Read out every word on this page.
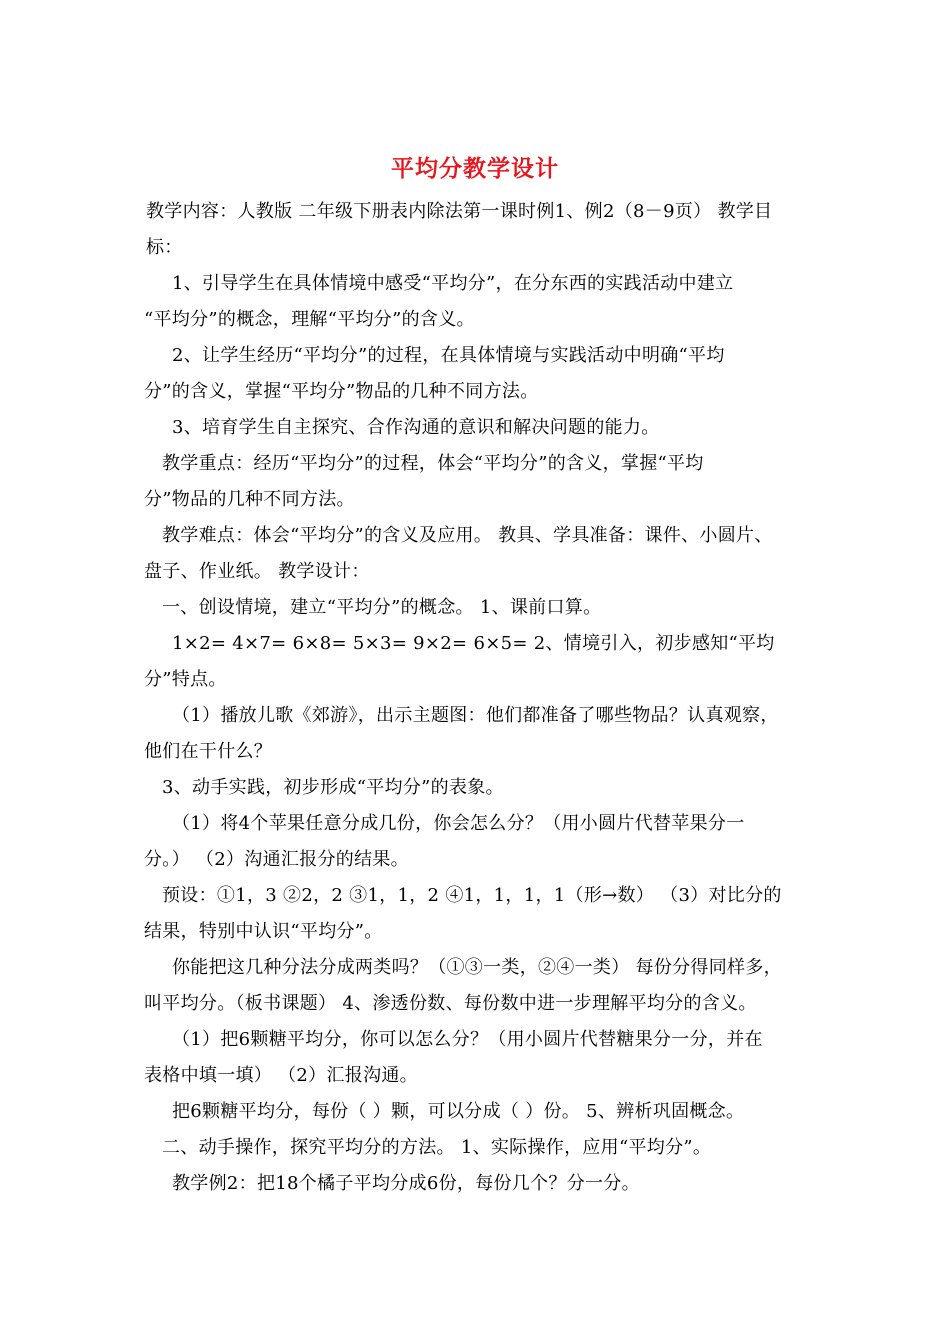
平均分教学设计
教学内容：人教版 二年级下册表内除法第一课时例1、例2（8－9页） 教学目
标：
1、引导学生在具体情境中感受“平均分”，在分东西的实践活动中建立
“平均分”的概念，理解“平均分”的含义。
2、让学生经历“平均分”的过程，在具体情境与实践活动中明确“平均
分”的含义，掌握“平均分”物品的几种不同方法。
3、培育学生自主探究、合作沟通的意识和解决问题的能力。
教学重点：经历“平均分”的过程，体会“平均分”的含义，掌握“平均
分”物品的几种不同方法。
教学难点：体会“平均分”的含义及应用。 教具、学具准备：课件、小圆片、
盘子、作业纸。 教学设计：
一、创设情境，建立“平均分”的概念。 1、课前口算。
1×2= 4×7= 6×8= 5×3= 9×2= 6×5= 2、情境引入，初步感知“平均
分”特点。
（1）播放儿歌《郊游》，出示主题图：他们都准备了哪些物品？认真观察，
他们在干什么？
3、动手实践，初步形成“平均分”的表象。
（1）将4个苹果任意分成几份，你会怎么分？（用小圆片代替苹果分一
分。） （2）沟通汇报分的结果。
预设：①1，3 ②2，2 ③1，1，2 ④1，1，1，1（形→数） （3）对比分的
结果，特别中认识“平均分”。
你能把这几种分法分成两类吗？（①③一类，②④一类） 每份分得同样多，
叫平均分。（板书课题） 4、渗透份数、每份数中进一步理解平均分的含义。
（1）把6颗糖平均分，你可以怎么分？（用小圆片代替糖果分一分，并在
表格中填一填） （2）汇报沟通。
把6颗糖平均分，每份（ ）颗，可以分成（ ）份。 5、辨析巩固概念。
二、动手操作，探究平均分的方法。 1、实际操作，应用“平均分”。
教学例2：把18个橘子平均分成6份，每份几个？分一分。
